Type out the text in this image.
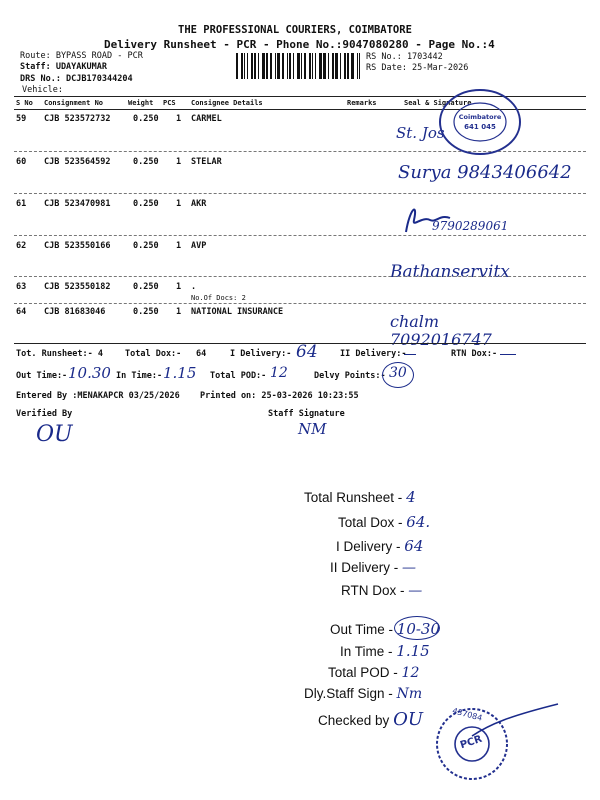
THE PROFESSIONAL COURIERS, COIMBATORE
Delivery Runsheet - PCR - Phone No.:9047080280 - Page No.:4
Route: BYPASS ROAD - PCR
Staff: UDAYAKUMAR
DRS No.: DCJB170344204
Vehicle:
RS No.: 1703442
RS Date: 25-Mar-2026
S No Consignment No	Weight PCS Consignee Details	Remarks	Seal & Signature
59 CJB 523572732	0.250 1 CARMEL
St. Jos
60 CJB 523564592	0.250 1 STELAR	Surya 9843406642
61 CJB 523470981	0.250 1 AKR
9790289061
62 CJB 523550166	0.250 1 AVP
Bathanservitx
63 CJB 523550182	0.250 1 .
No.Of Docs: 2
64 CJB 81683046	0.250 1 NATIONAL INSURANCE	chalm 7092016747
Coimbatore
641 045
Tot. Runsheet:- 4	Total Dox:- 64	I Delivery:- 64	II Delivery:-	RTN Dox:-
Out Time:- 10.30 In Time:- 1.15 Total POD:- 12	Delvy Points:- 30
Entered By :MENAKAPCR 03/25/2026 Printed on: 25-03-2026 10:23:55
Verified By	Staff Signature
OU	NM
Total Runsheet - 4
Total Dox - 64.
I Delivery - 64
II Delivery - —
RTN Dox - —
Out Time - 10-30
In Time - 1.15
Total POD - 12
Dly.Staff Sign - Nm
Checked by OU
PCR
437084
